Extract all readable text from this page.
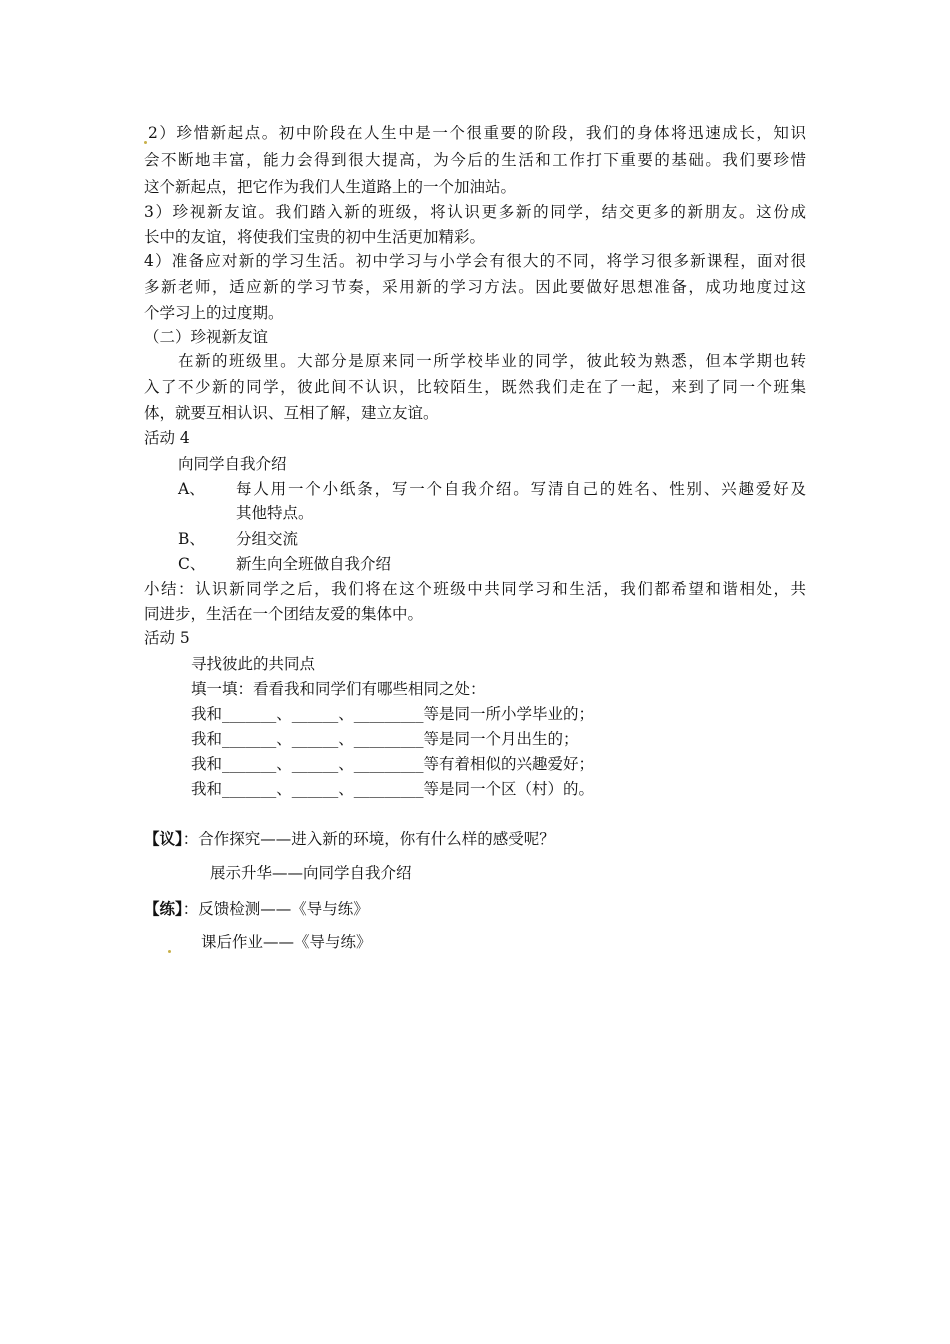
2）珍惜新起点。初中阶段在人生中是一个很重要的阶段，我们的身体将迅速成长，知识
会不断地丰富，能力会得到很大提高，为今后的生活和工作打下重要的基础。我们要珍惜
这个新起点，把它作为我们人生道路上的一个加油站。
3）珍视新友谊。我们踏入新的班级，将认识更多新的同学，结交更多的新朋友。这份成
长中的友谊，将使我们宝贵的初中生活更加精彩。
4）准备应对新的学习生活。初中学习与小学会有很大的不同，将学习很多新课程，面对很
多新老师，适应新的学习节奏，采用新的学习方法。因此要做好思想准备，成功地度过这
个学习上的过度期。
（二）珍视新友谊
在新的班级里。大部分是原来同一所学校毕业的同学，彼此较为熟悉，但本学期也转
入了不少新的同学，彼此间不认识，比较陌生，既然我们走在了一起，来到了同一个班集
体，就要互相认识、互相了解，建立友谊。
活动 4
向同学自我介绍
A、 每人用一个小纸条，写一个自我介绍。写清自己的姓名、性别、兴趣爱好及
其他特点。
B、 分组交流
C、 新生向全班做自我介绍
小结：认识新同学之后，我们将在这个班级中共同学习和生活，我们都希望和谐相处，共
同进步，生活在一个团结友爱的集体中。
活动 5
寻找彼此的共同点
填一填：看看我和同学们有哪些相同之处：
我和_______、______、_________等是同一所小学毕业的；
我和_______、______、_________等是同一个月出生的；
我和_______、______、_________等有着相似的兴趣爱好；
我和_______、______、_________等是同一个区（村）的。
【议】：合作探究——进入新的环境，你有什么样的感受呢？
展示升华——向同学自我介绍
【练】：反馈检测——《导与练》
课后作业——《导与练》
